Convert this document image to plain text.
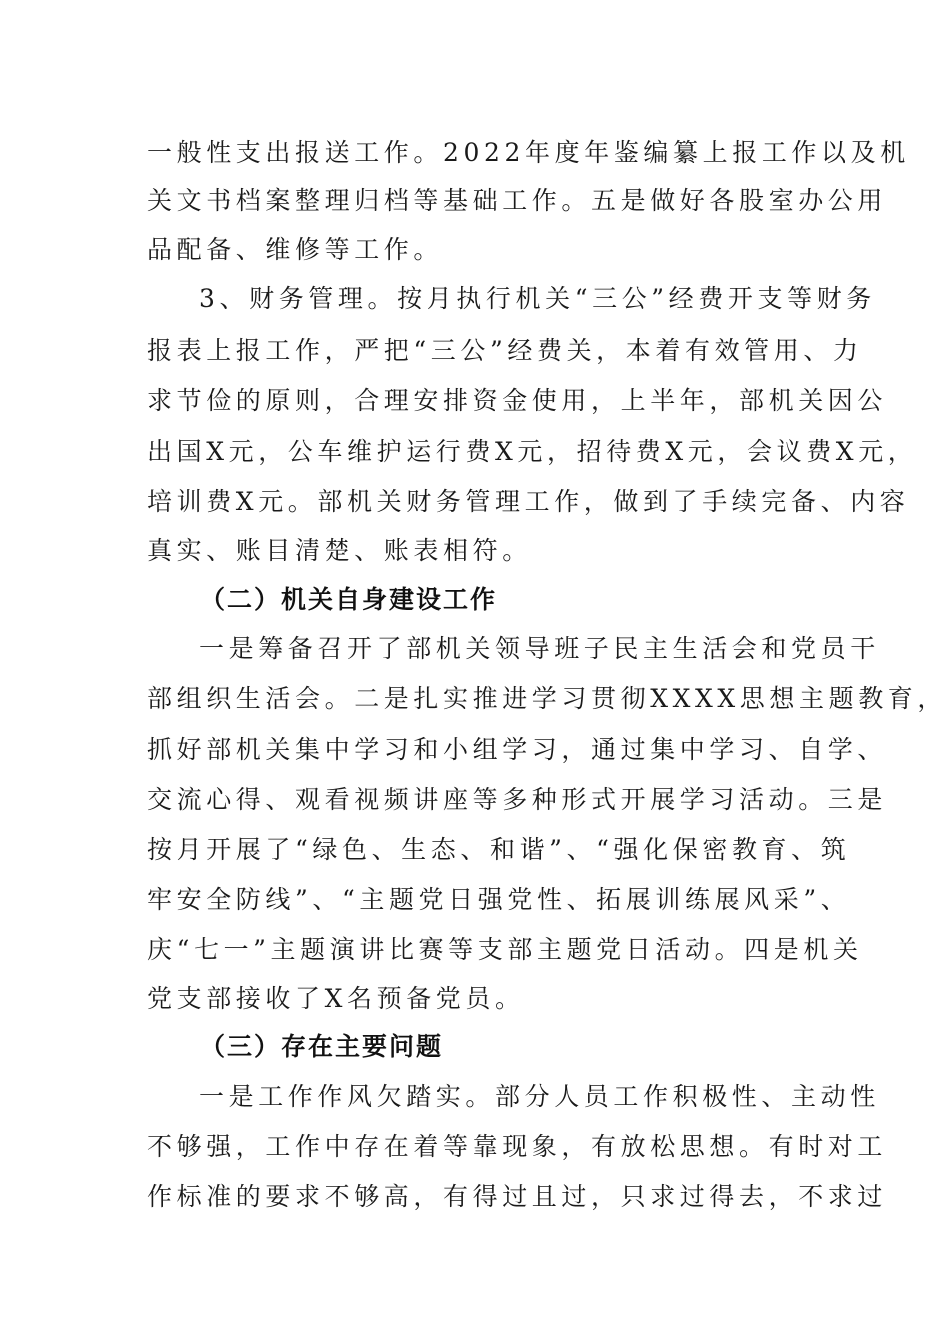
一般性支出报送工作。2022年度年鉴编纂上报工作以及机
关文书档案整理归档等基础工作。五是做好各股室办公用
品配备、维修等工作。
3、财务管理。按月执行机关“三公”经费开支等财务
报表上报工作，严把“三公”经费关，本着有效管用、力
求节俭的原则，合理安排资金使用，上半年，部机关因公
出国X元，公车维护运行费X元，招待费X元，会议费X元，
培训费X元。部机关财务管理工作，做到了手续完备、内容
真实、账目清楚、账表相符。
（二）机关自身建设工作
一是筹备召开了部机关领导班子民主生活会和党员干
部组织生活会。二是扎实推进学习贯彻XXXX思想主题教育，
抓好部机关集中学习和小组学习，通过集中学习、自学、
交流心得、观看视频讲座等多种形式开展学习活动。三是
按月开展了“绿色、生态、和谐”、“强化保密教育、筑
牢安全防线”、“主题党日强党性、拓展训练展风采”、
庆“七一”主题演讲比赛等支部主题党日活动。四是机关
党支部接收了X名预备党员。
（三）存在主要问题
一是工作作风欠踏实。部分人员工作积极性、主动性
不够强，工作中存在着等靠现象，有放松思想。有时对工
作标准的要求不够高，有得过且过，只求过得去，不求过
